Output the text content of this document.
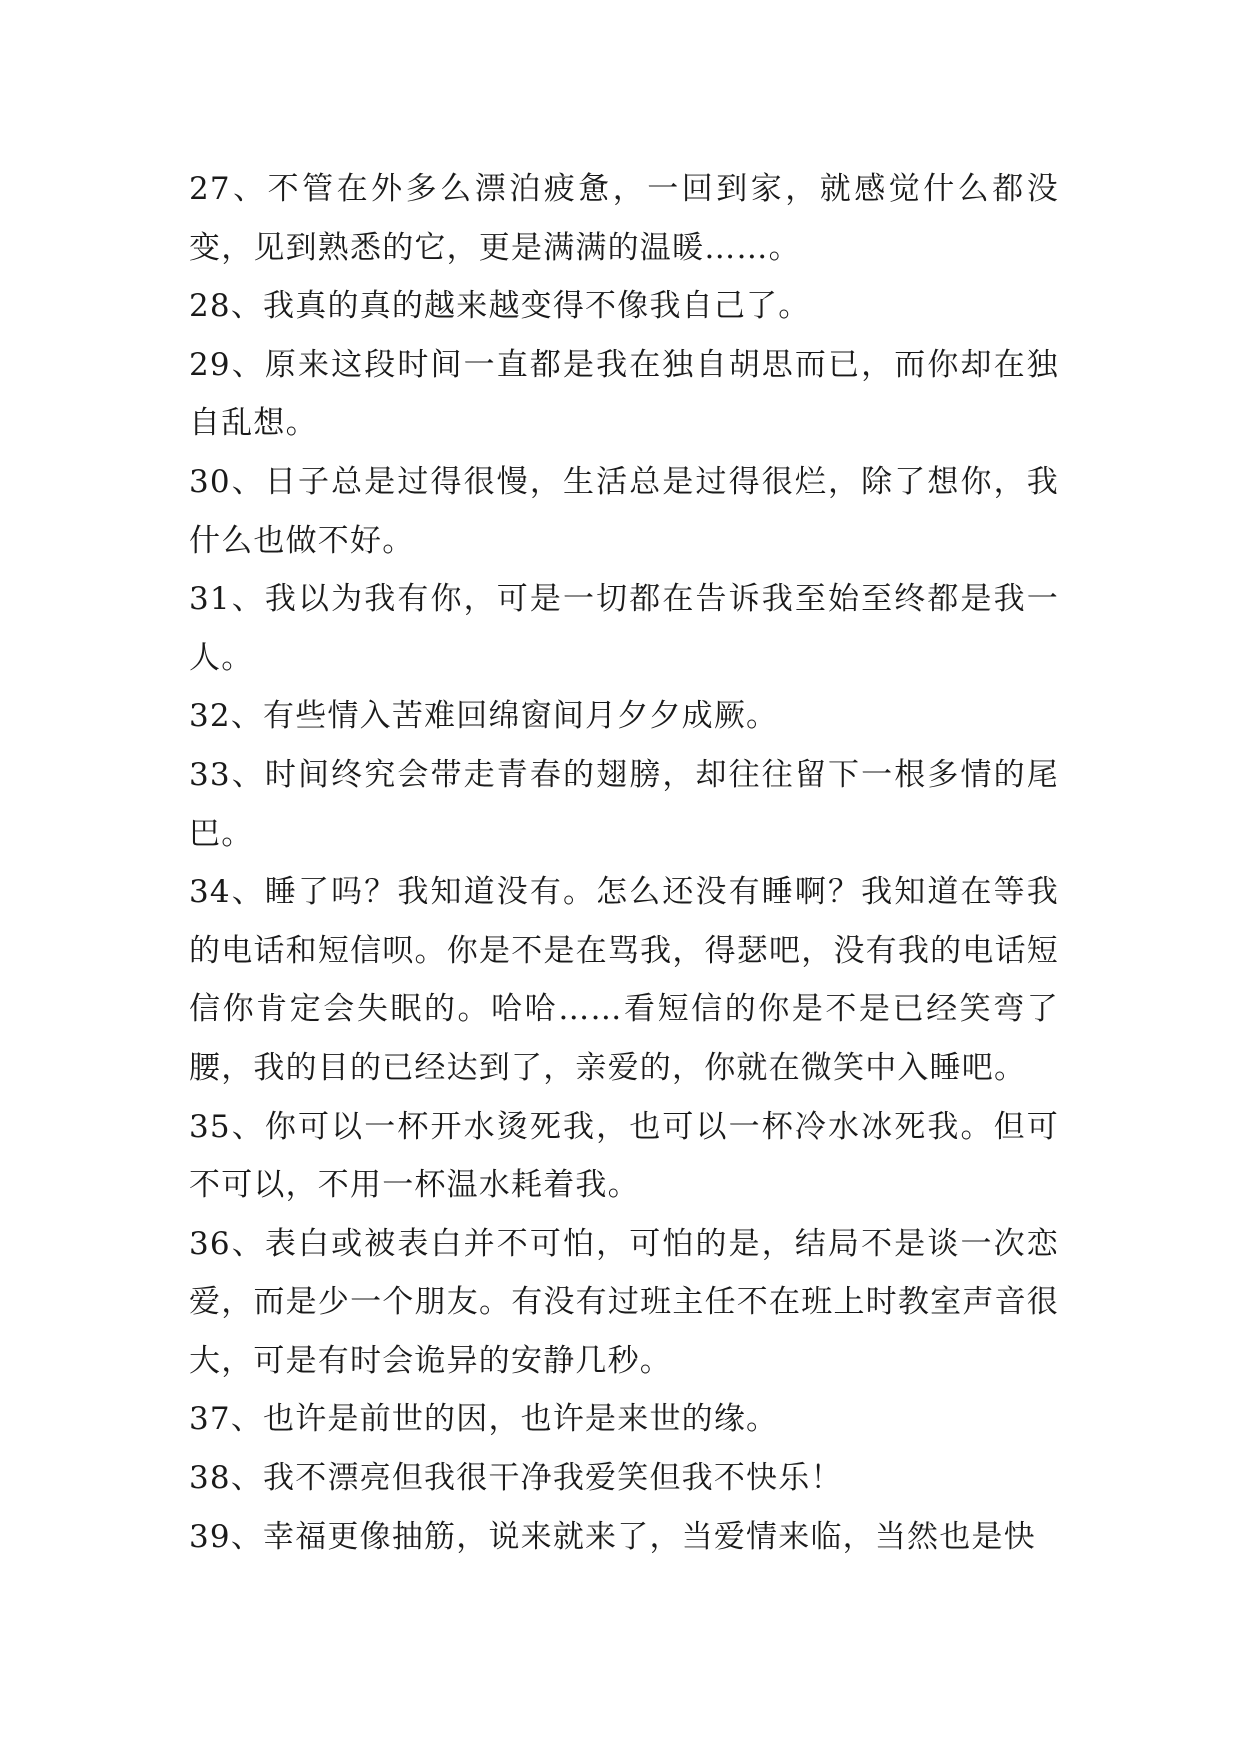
27、不管在外多么漂泊疲惫，一回到家，就感觉什么都没变，见到熟悉的它，更是满满的温暖……。

28、我真的真的越来越变得不像我自己了。

29、原来这段时间一直都是我在独自胡思而已，而你却在独自乱想。

30、日子总是过得很慢，生活总是过得很烂，除了想你，我什么也做不好。

31、我以为我有你，可是一切都在告诉我至始至终都是我一人。

32、有些情入苦难回绵窗间月夕夕成厥。

33、时间终究会带走青春的翅膀，却往往留下一根多情的尾巴。

34、睡了吗？我知道没有。怎么还没有睡啊？我知道在等我的电话和短信呗。你是不是在骂我，得瑟吧，没有我的电话短信你肯定会失眠的。哈哈……看短信的你是不是已经笑弯了腰，我的目的已经达到了，亲爱的，你就在微笑中入睡吧。

35、你可以一杯开水烫死我，也可以一杯冷水冰死我。但可不可以，不用一杯温水耗着我。

36、表白或被表白并不可怕，可怕的是，结局不是谈一次恋爱，而是少一个朋友。有没有过班主任不在班上时教室声音很大，可是有时会诡异的安静几秒。

37、也许是前世的因，也许是来世的缘。

38、我不漂亮但我很干净我爱笑但我不快乐！

39、幸福更像抽筋，说来就来了，当爱情来临，当然也是快
